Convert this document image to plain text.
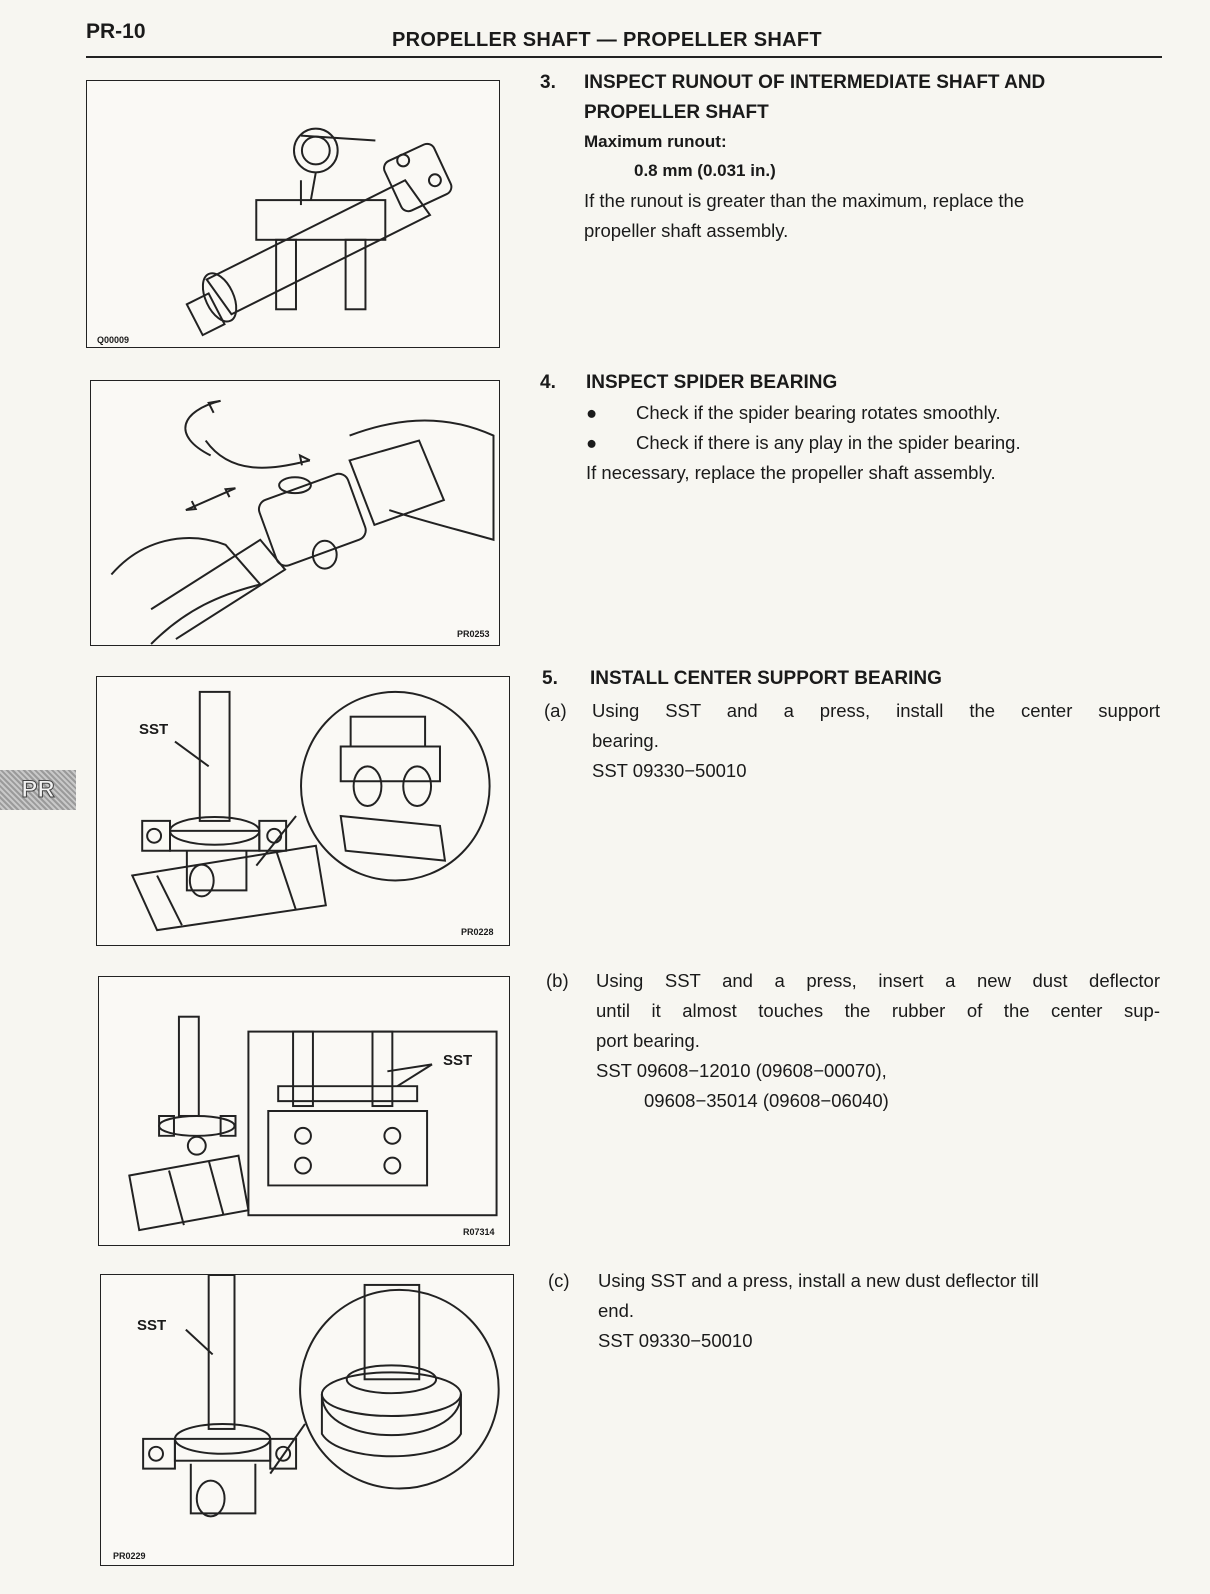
PR-10	PROPELLER SHAFT — PROPELLER SHAFT
PR
Q00009
PR0253
SST
PR0228
SST
R07314
SST
PR0229
3. INSPECT RUNOUT OF INTERMEDIATE SHAFT AND
PROPELLER SHAFT
Maximum runout:
0.8 mm (0.031 in.)
If the runout is greater than the maximum, replace the
propeller shaft assembly.
4. INSPECT SPIDER BEARING
● Check if the spider bearing rotates smoothly.
● Check if there is any play in the spider bearing.
If necessary, replace the propeller shaft assembly.
5. INSTALL CENTER SUPPORT BEARING
(a) Using SST and a press, install the center support
bearing.
SST 09330−50010
(b) Using SST and a press, insert a new dust deflector
until it almost touches the rubber of the center sup-
port bearing.
SST 09608−12010 (09608−00070),
09608−35014 (09608−06040)
(c) Using SST and a press, install a new dust deflector till
end.
SST 09330−50010
